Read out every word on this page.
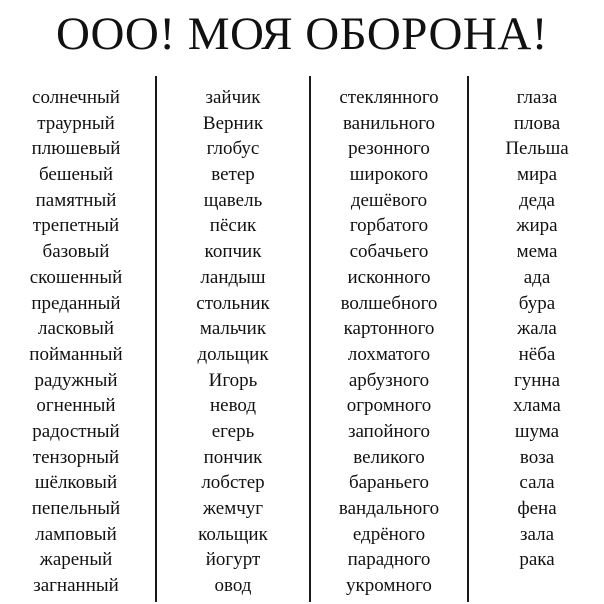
ООО! МОЯ ОБОРОНА!
солнечный
траурный
плюшевый
бешеный
памятный
трепетный
базовый
скошенный
преданный
ласковый
пойманный
радужный
огненный
радостный
тензорный
шёлковый
пепельный
ламповый
жареный
загнанный
зайчик
Верник
глобус
ветер
щавель
пёсик
копчик
ландыш
стольник
мальчик
дольщик
Игорь
невод
егерь
пончик
лобстер
жемчуг
кольщик
йогурт
овод
стеклянного
ванильного
резонного
широкого
дешёвого
горбатого
собачьего
исконного
волшебного
картонного
лохматого
арбузного
огромного
запойного
великого
бараньего
вандального
едрёного
парадного
укромного
глаза
плова
Пельша
мира
деда
жира
мема
ада
бура
жала
нёба
гунна
хлама
шума
воза
сала
фена
зала
рака
